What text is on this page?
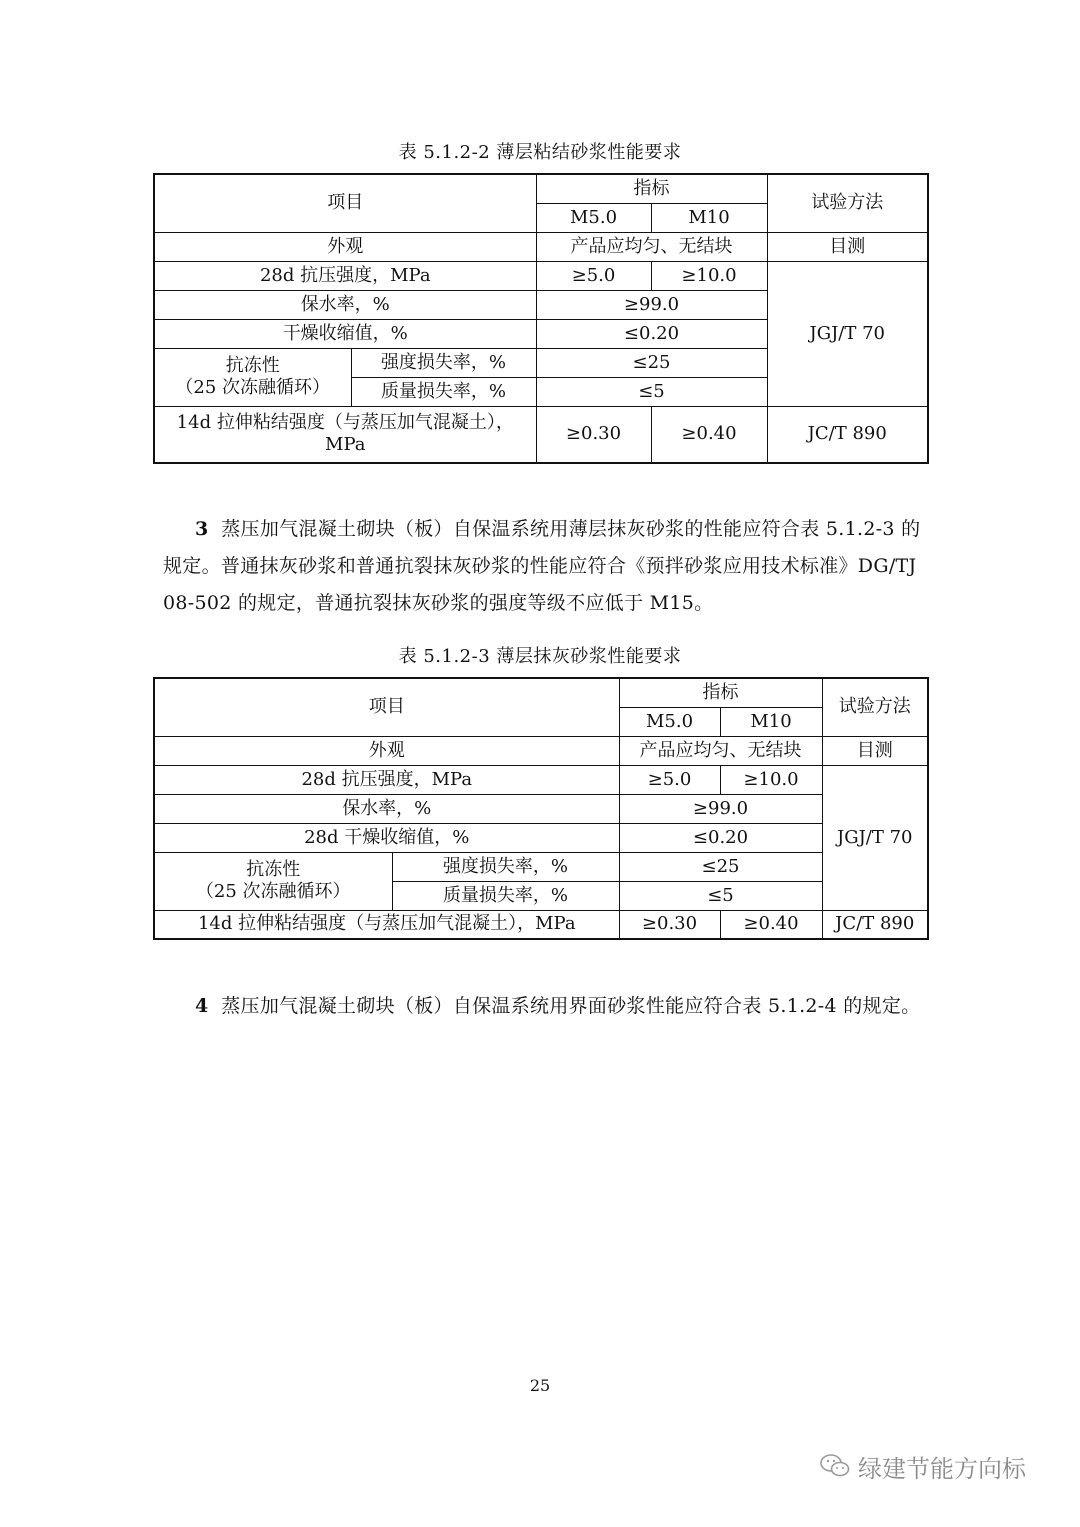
表 5.1.2-2 薄层粘结砂浆性能要求
项目		指标		试验方法
		M5.0	M10	
外观		产品应均匀、无结块		目测
28d 抗压强度，MPa		≥5.0	≥10.0	JGJ/T 70
保水率，%		≥99.0		
干燥收缩值，%		≤0.20		

抗冻性
（25 次冻融循环）	强度损失率，%	≤25		
	质量损失率，%	≤5		
14d 拉伸粘结强度（与蒸压加气混凝土），MPa		≥0.30	≥0.40	JC/T 890
3 蒸压加气混凝土砌块（板）自保温系统用薄层抹灰砂浆的性能应符合表 5.1.2-3 的规定。普通抹灰砂浆和普通抗裂抹灰砂浆的性能应符合《预拌砂浆应用技术标准》DG/TJ 08-502 的规定，普通抗裂抹灰砂浆的强度等级不应低于 M15。
表 5.1.2-3 薄层抹灰砂浆性能要求
项目		指标		试验方法
		M5.0	M10	
外观		产品应均匀、无结块		目测
28d 抗压强度，MPa		≥5.0	≥10.0	JGJ/T 70
保水率，%		≥99.0		
28d 干燥收缩值，%		≤0.20		

抗冻性
（25 次冻融循环）	强度损失率，%	≤25		
	质量损失率，%	≤5		
14d 拉伸粘结强度（与蒸压加气混凝土），MPa		≥0.30	≥0.40	JC/T 890
4 蒸压加气混凝土砌块（板）自保温系统用界面砂浆性能应符合表 5.1.2-4 的规定。
25
绿建节能方向标
